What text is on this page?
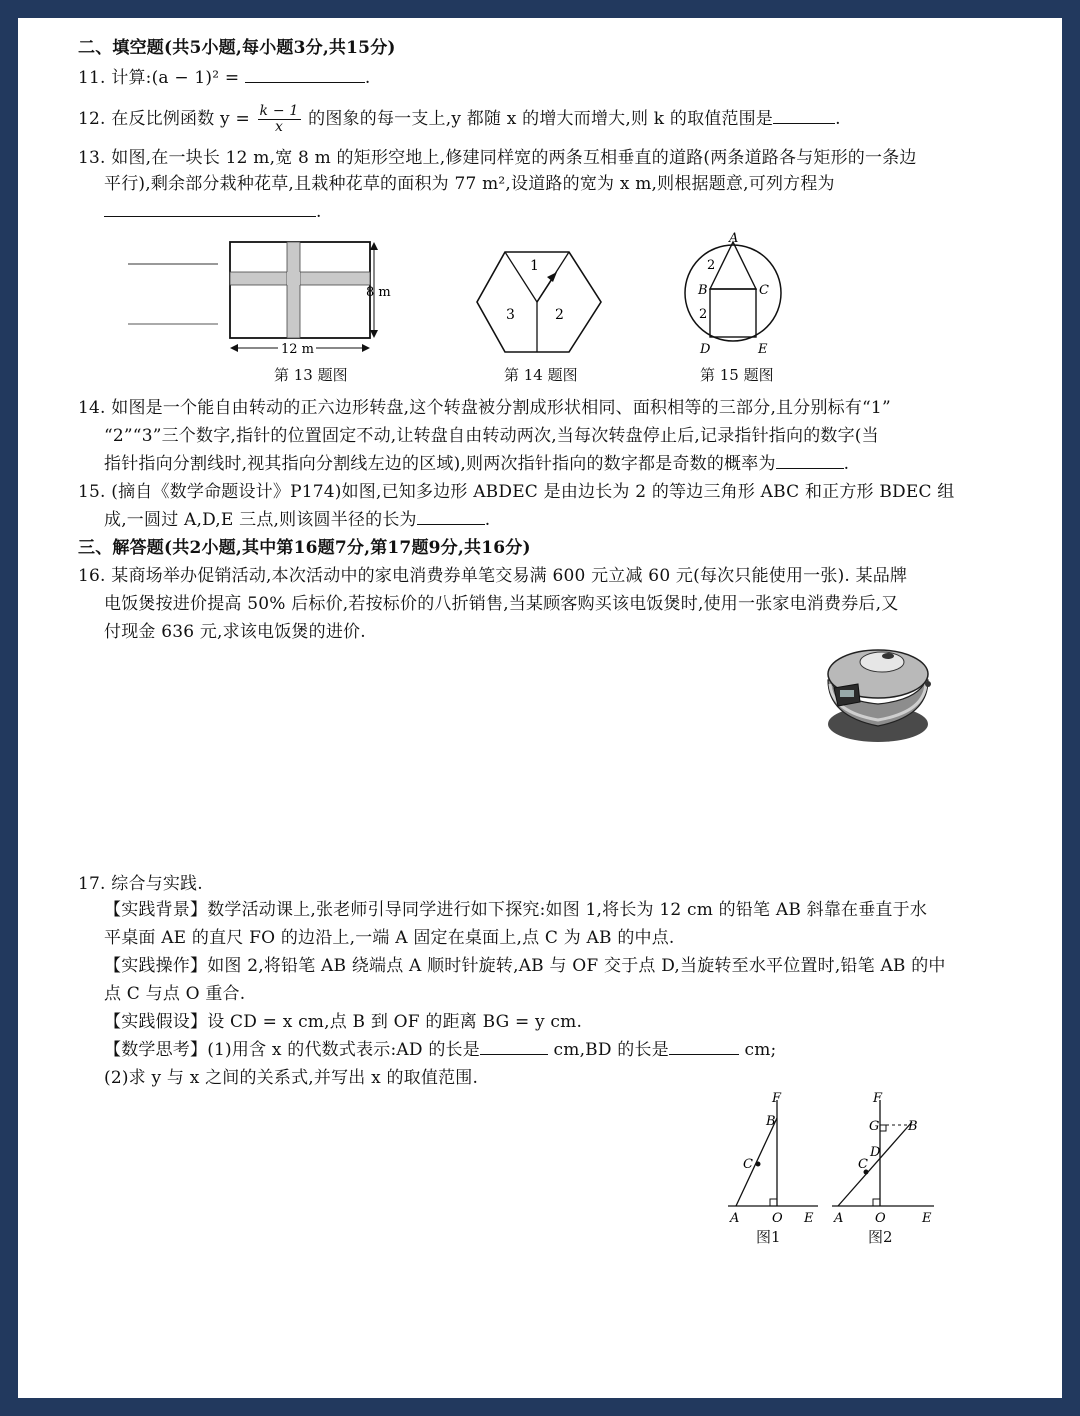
二、填空题(共5小题,每小题3分,共15分)
11. 计算:(a − 1)² =	.
12. 在反比例函数 $y = \frac{k - 1}{x}$ 的图象的每一支上,y 都随 x 的增大而增大,则 k 的取值范围是	.
13. 如图,在一块长 12 m,宽 8 m 的矩形空地上,修建同样宽的两条互相垂直的道路(两条道路各与矩形的一条边
平行),剩余部分栽种花草,且栽种花草的面积为 77 m²,设道路的宽为 x m,则根据题意,可列方程为
.
8 m
12 m
第 13 题图
1
2
3
第 14 题图
A
B	C
D	E
2
2
第 15 题图
14. 如图是一个能自由转动的正六边形转盘,这个转盘被分割成形状相同、面积相等的三部分,且分别标有“1”
“2”“3”三个数字,指针的位置固定不动,让转盘自由转动两次,当每次转盘停止后,记录指针指向的数字(当
指针指向分割线时,视其指向分割线左边的区域),则两次指针指向的数字都是奇数的概率为	.
15. (摘自《数学命题设计》P174)如图,已知多边形 ABDEC 是由边长为 2 的等边三角形 ABC 和正方形 BDEC 组
成,一圆过 A,D,E 三点,则该圆半径的长为	.
三、解答题(共2小题,其中第16题7分,第17题9分,共16分)
16. 某商场举办促销活动,本次活动中的家电消费券单笔交易满 600 元立减 60 元(每次只能使用一张). 某品牌
电饭煲按进价提高 50% 后标价,若按标价的八折销售,当某顾客购买该电饭煲时,使用一张家电消费券后,又
付现金 636 元,求该电饭煲的进价.
17. 综合与实践.
【实践背景】数学活动课上,张老师引导同学进行如下探究:如图 1,将长为 12 cm 的铅笔 AB 斜靠在垂直于水
平桌面 AE 的直尺 FO 的边沿上,一端 A 固定在桌面上,点 C 为 AB 的中点.
【实践操作】如图 2,将铅笔 AB 绕端点 A 顺时针旋转,AB 与 OF 交于点 D,当旋转至水平位置时,铅笔 AB 的中
点 C 与点 O 重合.
【实践假设】设 CD = x cm,点 B 到 OF 的距离 BG = y cm.
【数学思考】(1)用含 x 的代数式表示:AD 的长是	cm,BD 的长是	cm;
(2)求 y 与 x 之间的关系式,并写出 x 的取值范围.
F
B
C
A	O E
图1
F
G B
D
C
A O	E
图2
